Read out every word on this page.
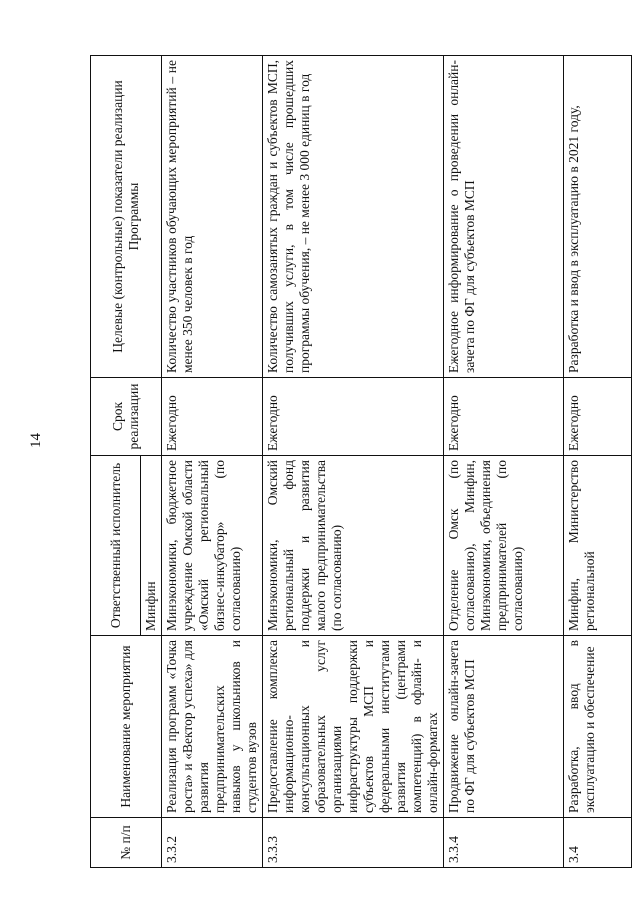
14
№ п/п	Наименование мероприятия	Ответственный исполнитель	Срок реализации	Целевые (контрольные) показатели реализации Программы
		Минфин		
3.3.2	Реализация программ «Точка роста» и «Вектор успеха» для развития предпринимательских навыков у школьников и студентов вузов	Минэкономики, бюджетное учреждение Омской области «Омский региональный бизнес-инкубатор» (по согласованию)	Ежегодно	Количество участников обучающих мероприятий – не менее 350 человек в год
3.3.3	Предоставление комплекса информационно-консультационных и образовательных услуг организациями инфраструктуры поддержки субъектов МСП и федеральными институтами развития (центрами компетенций) в офлайн- и онлайн-форматах	Минэкономики, Омский региональный фонд поддержки и развития малого предпринимательства (по согласованию)	Ежегодно	Количество самозанятых граждан и субъектов МСП, получивших услуги, в том числе прошедших программы обучения, – не менее 3 000 единиц в год
3.3.4	Продвижение онлайн-зачета по ФГ для субъектов МСП	Отделение Омск (по согласованию), Минфин, Минэкономики, объединения предпринимателей (по согласованию)	Ежегодно	Ежегодное информирование о проведении онлайн-зачета по ФГ для субъектов МСП
3.4	Разработка, ввод в эксплуатацию и обеспечение	Минфин, Министерство региональной	Ежегодно	Разработка и ввод в эксплуатацию в 2021 году,
